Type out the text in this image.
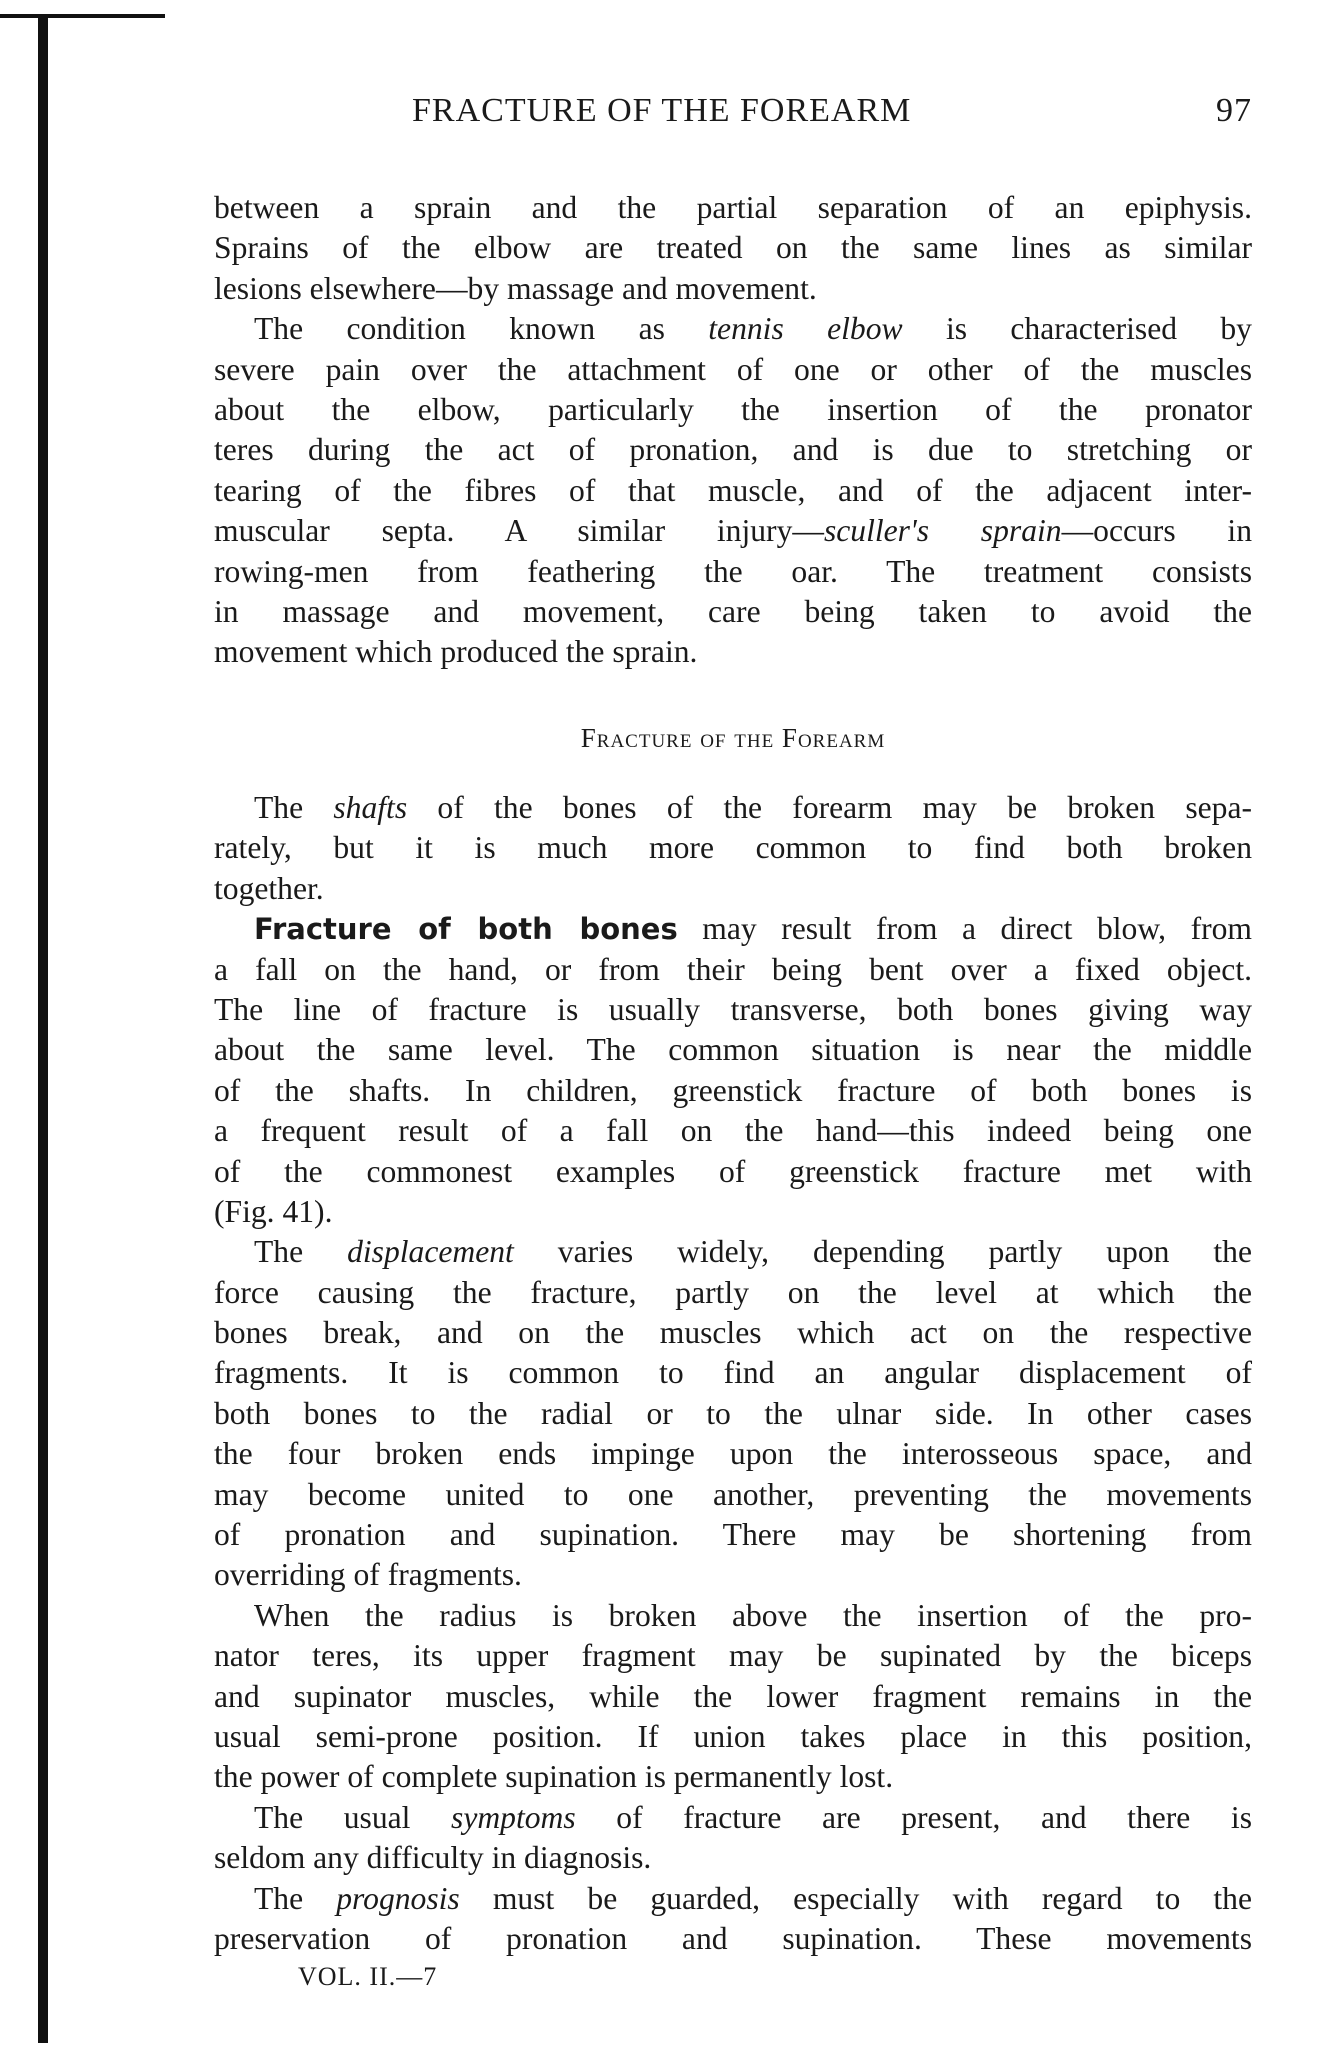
FRACTURE OF THE FOREARM	97
between a sprain and the partial separation of an epiphysis.
Sprains of the elbow are treated on the same lines as similar
lesions elsewhere—by massage and movement.
The condition known as tennis elbow is characterised by
severe pain over the attachment of one or other of the muscles
about the elbow, particularly the insertion of the pronator
teres during the act of pronation, and is due to stretching or
tearing of the fibres of that muscle, and of the adjacent inter-
muscular septa. A similar injury—sculler's sprain—occurs in
rowing-men from feathering the oar. The treatment consists
in massage and movement, care being taken to avoid the
movement which produced the sprain.
Fracture of the Forearm
The shafts of the bones of the forearm may be broken sepa-
rately, but it is much more common to find both broken
together.
Fracture of both bones may result from a direct blow, from
a fall on the hand, or from their being bent over a fixed object.
The line of fracture is usually transverse, both bones giving way
about the same level. The common situation is near the middle
of the shafts. In children, greenstick fracture of both bones is
a frequent result of a fall on the hand—this indeed being one
of the commonest examples of greenstick fracture met with
(Fig. 41).
The displacement varies widely, depending partly upon the
force causing the fracture, partly on the level at which the
bones break, and on the muscles which act on the respective
fragments. It is common to find an angular displacement of
both bones to the radial or to the ulnar side. In other cases
the four broken ends impinge upon the interosseous space, and
may become united to one another, preventing the movements
of pronation and supination. There may be shortening from
overriding of fragments.
When the radius is broken above the insertion of the pro-
nator teres, its upper fragment may be supinated by the biceps
and supinator muscles, while the lower fragment remains in the
usual semi-prone position. If union takes place in this position,
the power of complete supination is permanently lost.
The usual symptoms of fracture are present, and there is
seldom any difficulty in diagnosis.
The prognosis must be guarded, especially with regard to the
preservation of pronation and supination. These movements
VOL. II.—7
